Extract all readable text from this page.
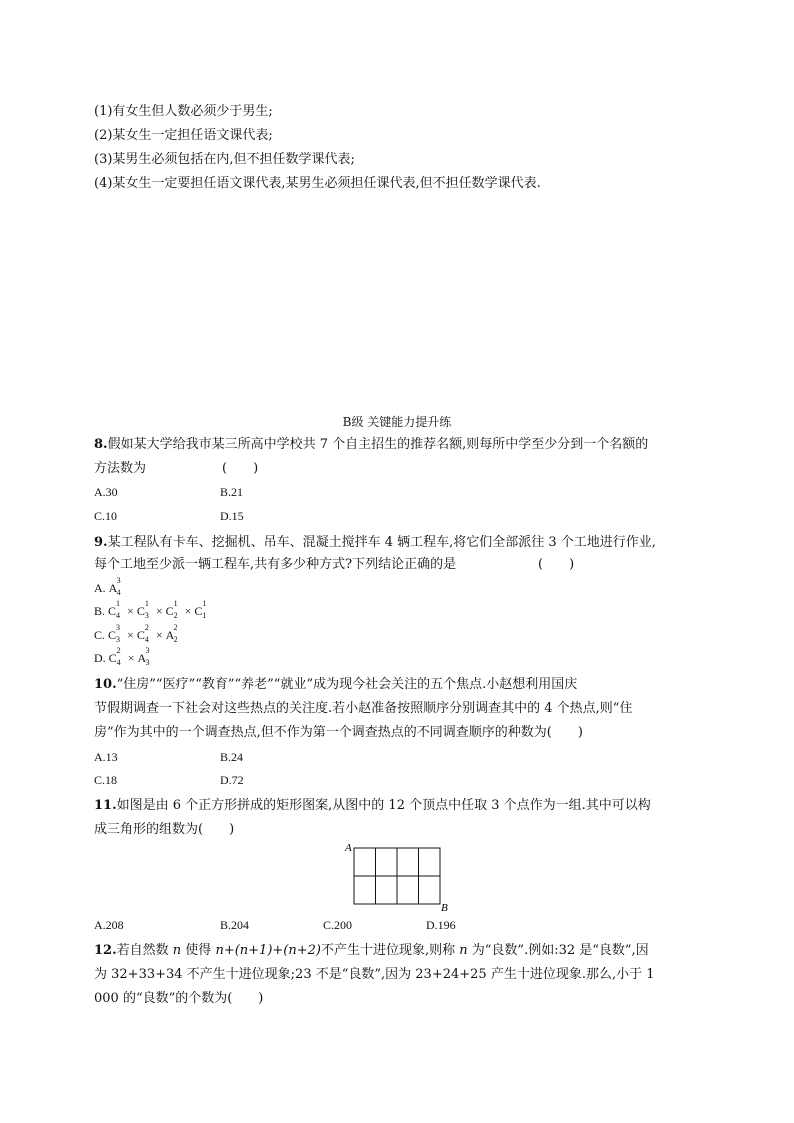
(1)有女生但人数必须少于男生;
(2)某女生一定担任语文课代表;
(3)某男生必须包括在内,但不担任数学课代表;
(4)某女生一定要担任语文课代表,某男生必须担任课代表,但不担任数学课代表.
B级 关键能力提升练
8.假如某大学给我市某三所高中学校共 7 个自主招生的推荐名额,则每所中学至少分到一个名额的
方法数为	(　　)
A.30	B.21
C.10	D.15
9.某工程队有卡车、挖掘机、吊车、混凝土搅拌车 4 辆工程车,将它们全部派往 3 个工地进行作业,
每个工地至少派一辆工程车,共有多少种方式?下列结论正确的是	(　　)
A. A
3
4
B. C
1
4 × C
1
3 × C
1
2 × C
1
1
C. C
3
3 × C
2
4 × A
2
2
D. C
2
4 × A
3
3
10.“住房”“医疗”“教育”“养老”“就业”成为现今社会关注的五个焦点.小赵想利用国庆
节假期调查一下社会对这些热点的关注度.若小赵准备按照顺序分别调查其中的 4 个热点,则“住
房”作为其中的一个调查热点,但不作为第一个调查热点的不同调查顺序的种数为(　　)
A.13	B.24
C.18	D.72
11.如图是由 6 个正方形拼成的矩形图案,从图中的 12 个顶点中任取 3 个点作为一组.其中可以构
成三角形的组数为(　　)
A
B
A.208	B.204	C.200	D.196
12.若自然数 n 使得 n+(n+1)+(n+2)不产生十进位现象,则称 n 为“良数”.例如:32 是“良数”,因
为 32+33+34 不产生十进位现象;23 不是“良数”,因为 23+24+25 产生十进位现象.那么,小于 1
000 的“良数”的个数为(　　)
